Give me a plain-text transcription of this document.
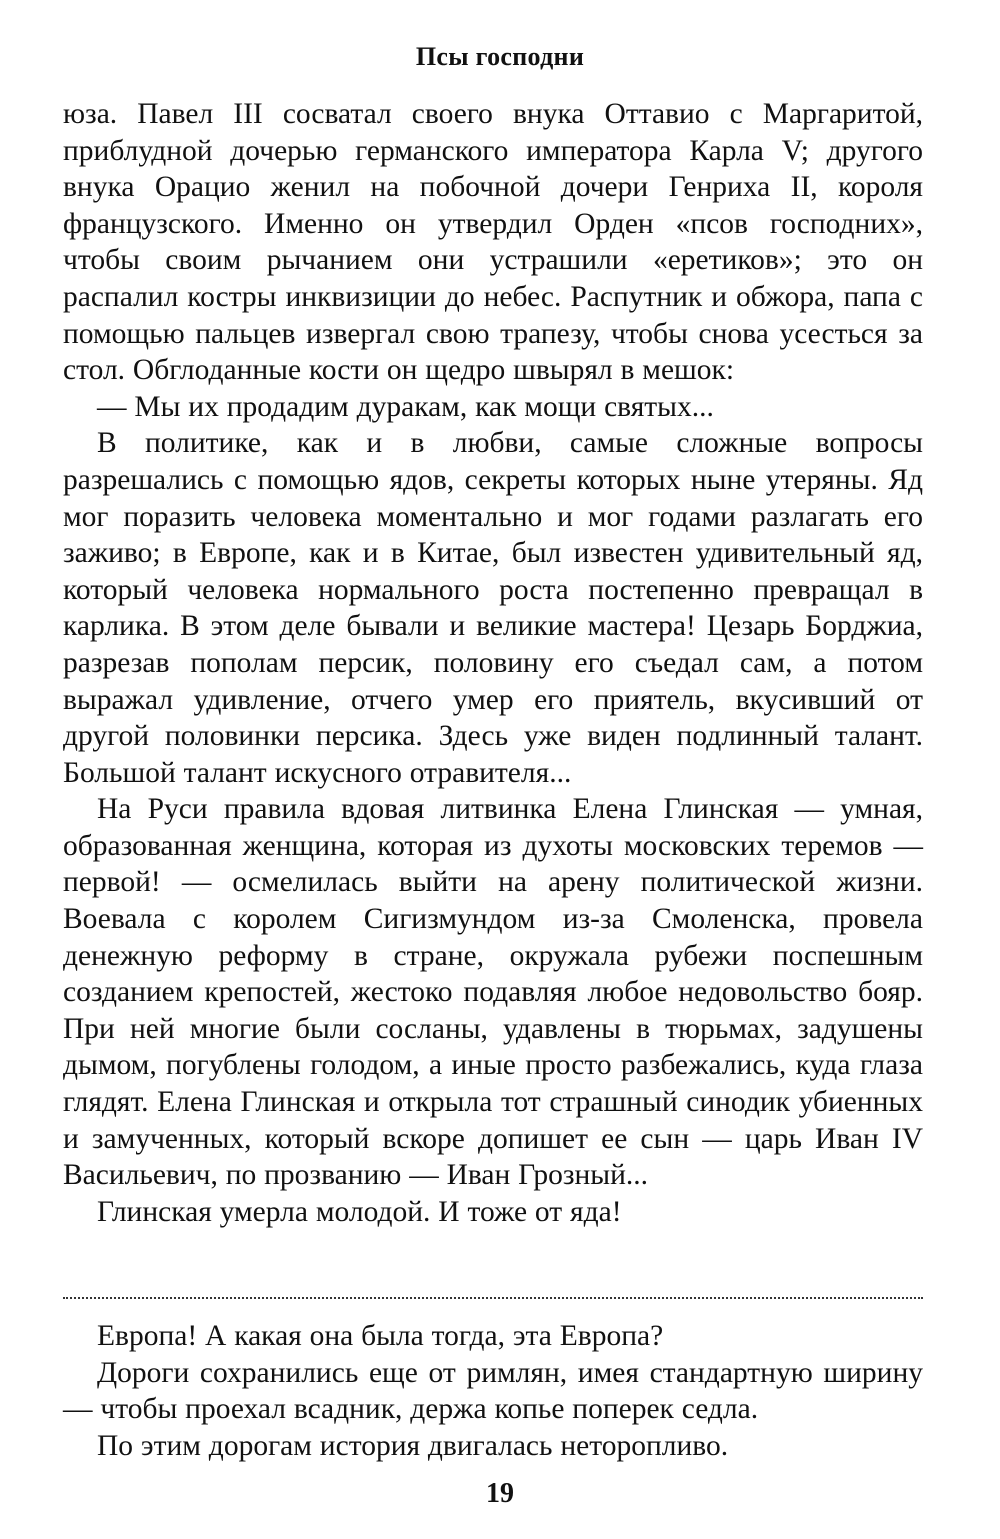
Псы господни

юза. Павел III сосватал своего внука Оттавио с Маргаритой, приблудной дочерью германского императора Карла V; другого внука Орацио женил на побочной дочери Генриха II, короля французского. Именно он утвердил Орден «псов господних», чтобы своим рычанием они устрашили «еретиков»; это он распалил костры инквизиции до небес. Распутник и обжора, папа с помощью пальцев извергал свою трапезу, чтобы снова усесться за стол. Обглоданные кости он щедро швырял в мешок:

— Мы их продадим дуракам, как мощи святых...

В политике, как и в любви, самые сложные вопросы разрешались с помощью ядов, секреты которых ныне утеряны. Яд мог поразить человека моментально и мог годами разлагать его заживо; в Европе, как и в Китае, был известен удивительный яд, который человека нормального роста постепенно превращал в карлика. В этом деле бывали и великие мастера! Цезарь Борджиа, разрезав пополам персик, половину его съедал сам, а потом выражал удивление, отчего умер его приятель, вкусивший от другой половинки персика. Здесь уже виден подлинный талант. Большой талант искусного отравителя...

На Руси правила вдовая литвинка Елена Глинская — умная, образованная женщина, которая из духоты московских теремов — первой! — осмелилась выйти на арену политической жизни. Воевала с королем Сигизмундом из-за Смоленска, провела денежную реформу в стране, окружала рубежи поспешным созданием крепостей, жестоко подавляя любое недовольство бояр. При ней многие были сосланы, удавлены в тюрьмах, задушены дымом, погублены голодом, а иные просто разбежались, куда глаза глядят. Елена Глинская и открыла тот страшный синодик убиенных и замученных, который вскоре допишет ее сын — царь Иван IV Васильевич, по прозванию — Иван Грозный...

Глинская умерла молодой. И тоже от яда!

Европа! А какая она была тогда, эта Европа?

Дороги сохранились еще от римлян, имея стандартную ширину — чтобы проехал всадник, держа копье поперек седла.

По этим дорогам история двигалась неторопливо.

19
